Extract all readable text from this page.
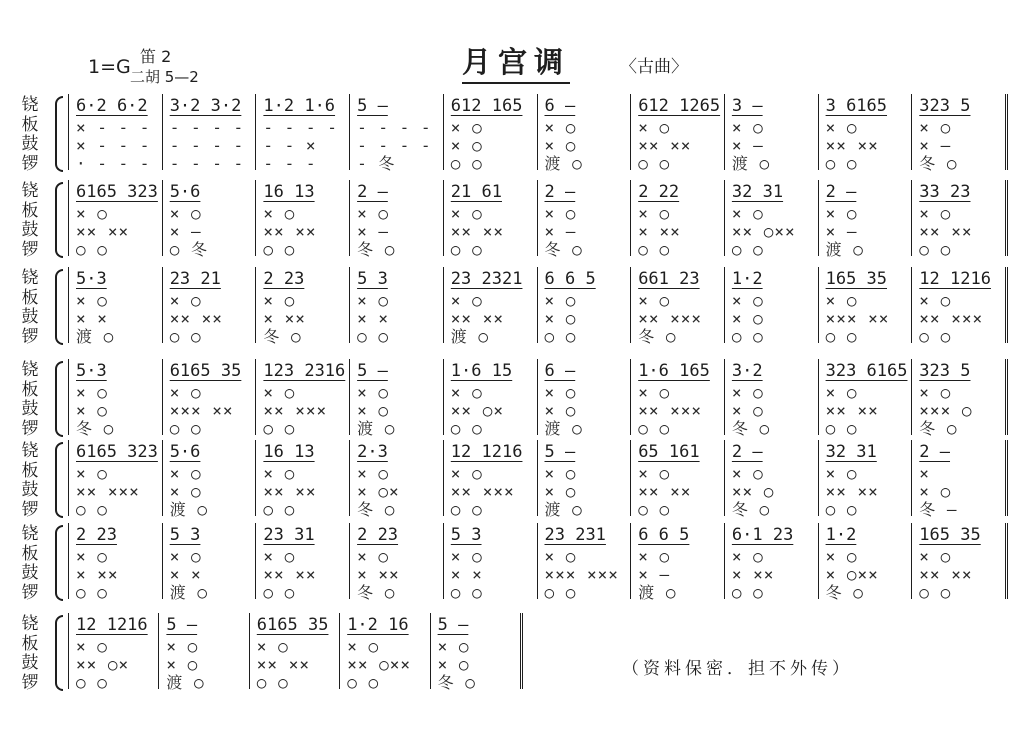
1=G 笛 2
二胡 5—2	月宫调	〈古曲〉
铙
板
鼓
锣
6·2 6·2
× - - -
× - - -
· - - -
3·2 3·2
- - - -
- - - -
- - - -
1·2 1·6
- - - -
- - ×
- - -
5 —
- - - -
- - - -
- 冬
612 165
× ○
× ○
○ ○
6 —
× ○
× ○
渡 ○
612 1265
× ○
×× ××
○ ○
3 —
× ○
× —
渡 ○
3 6165
× ○
×× ××
○ ○
323 5
× ○
× —
冬 ○
铙
板
鼓
锣
6165 323
× ○
×× ××
○ ○
5·6
× ○
× —
○ 冬
16 13
× ○
×× ××
○ ○
2 —
× ○
× —
冬 ○
21 61
× ○
×× ××
○ ○
2 —
× ○
× —
冬 ○
2 22
× ○
× ××
○ ○
32 31
× ○
×× ○××
○ ○
2 —
× ○
× —
渡 ○
33 23
× ○
×× ××
○ ○
铙
板
鼓
锣
5·3
× ○
× ×
渡 ○
23 21
× ○
×× ××
○ ○
2 23
× ○
× ××
冬 ○
5 3
× ○
× ×
○ ○
23 2321
× ○
×× ××
渡 ○
6 6 5
× ○
× ○
○ ○
661 23
× ○
×× ×××
冬 ○
1·2
× ○
× ○
○ ○
165 35
× ○
××× ××
○ ○
12 1216
× ○
×× ×××
○ ○
铙
板
鼓
锣
5·3
× ○
× ○
冬 ○
6165 35
× ○
××× ××
○ ○
123 2316
× ○
×× ×××
○ ○
5 —
× ○
× ○
渡 ○
1·6 15
× ○
×× ○×
○ ○
6 —
× ○
× ○
渡 ○
1·6 165
× ○
×× ×××
○ ○
3·2
× ○
× ○
冬 ○
323 6165
× ○
×× ××
○ ○
323 5
× ○
××× ○
冬 ○
铙
板
鼓
锣
6165 323
× ○
×× ×××
○ ○
5·6
× ○
× ○
渡 ○
16 13
× ○
×× ××
○ ○
2·3
× ○
× ○×
冬 ○
12 1216
× ○
×× ×××
○ ○
5 —
× ○
× ○
渡 ○
65 161
× ○
×× ××
○ ○
2 —
× ○
×× ○
冬 ○
32 31
× ○
×× ××
○ ○
2 —
×
× ○
冬 —
铙
板
鼓
锣
2 23
× ○
× ××
○ ○
5 3
× ○
× ×
渡 ○
23 31
× ○
×× ××
○ ○
2 23
× ○
× ××
冬 ○
5 3
× ○
× ×
○ ○
23 231
× ○
××× ×××
○ ○
6 6 5
× ○
× —
渡 ○
6·1 23
× ○
× ××
○ ○
1·2
× ○
× ○××
冬 ○
165 35
× ○
×× ××
○ ○
铙
板
鼓
锣
12 1216
× ○
×× ○×
○ ○
5 —
× ○
× ○
渡 ○
6165 35
× ○
×× ××
○ ○
1·2 16
× ○
×× ○××
○ ○
5 —
× ○
× ○
冬 ○
（资料保密．担不外传）
